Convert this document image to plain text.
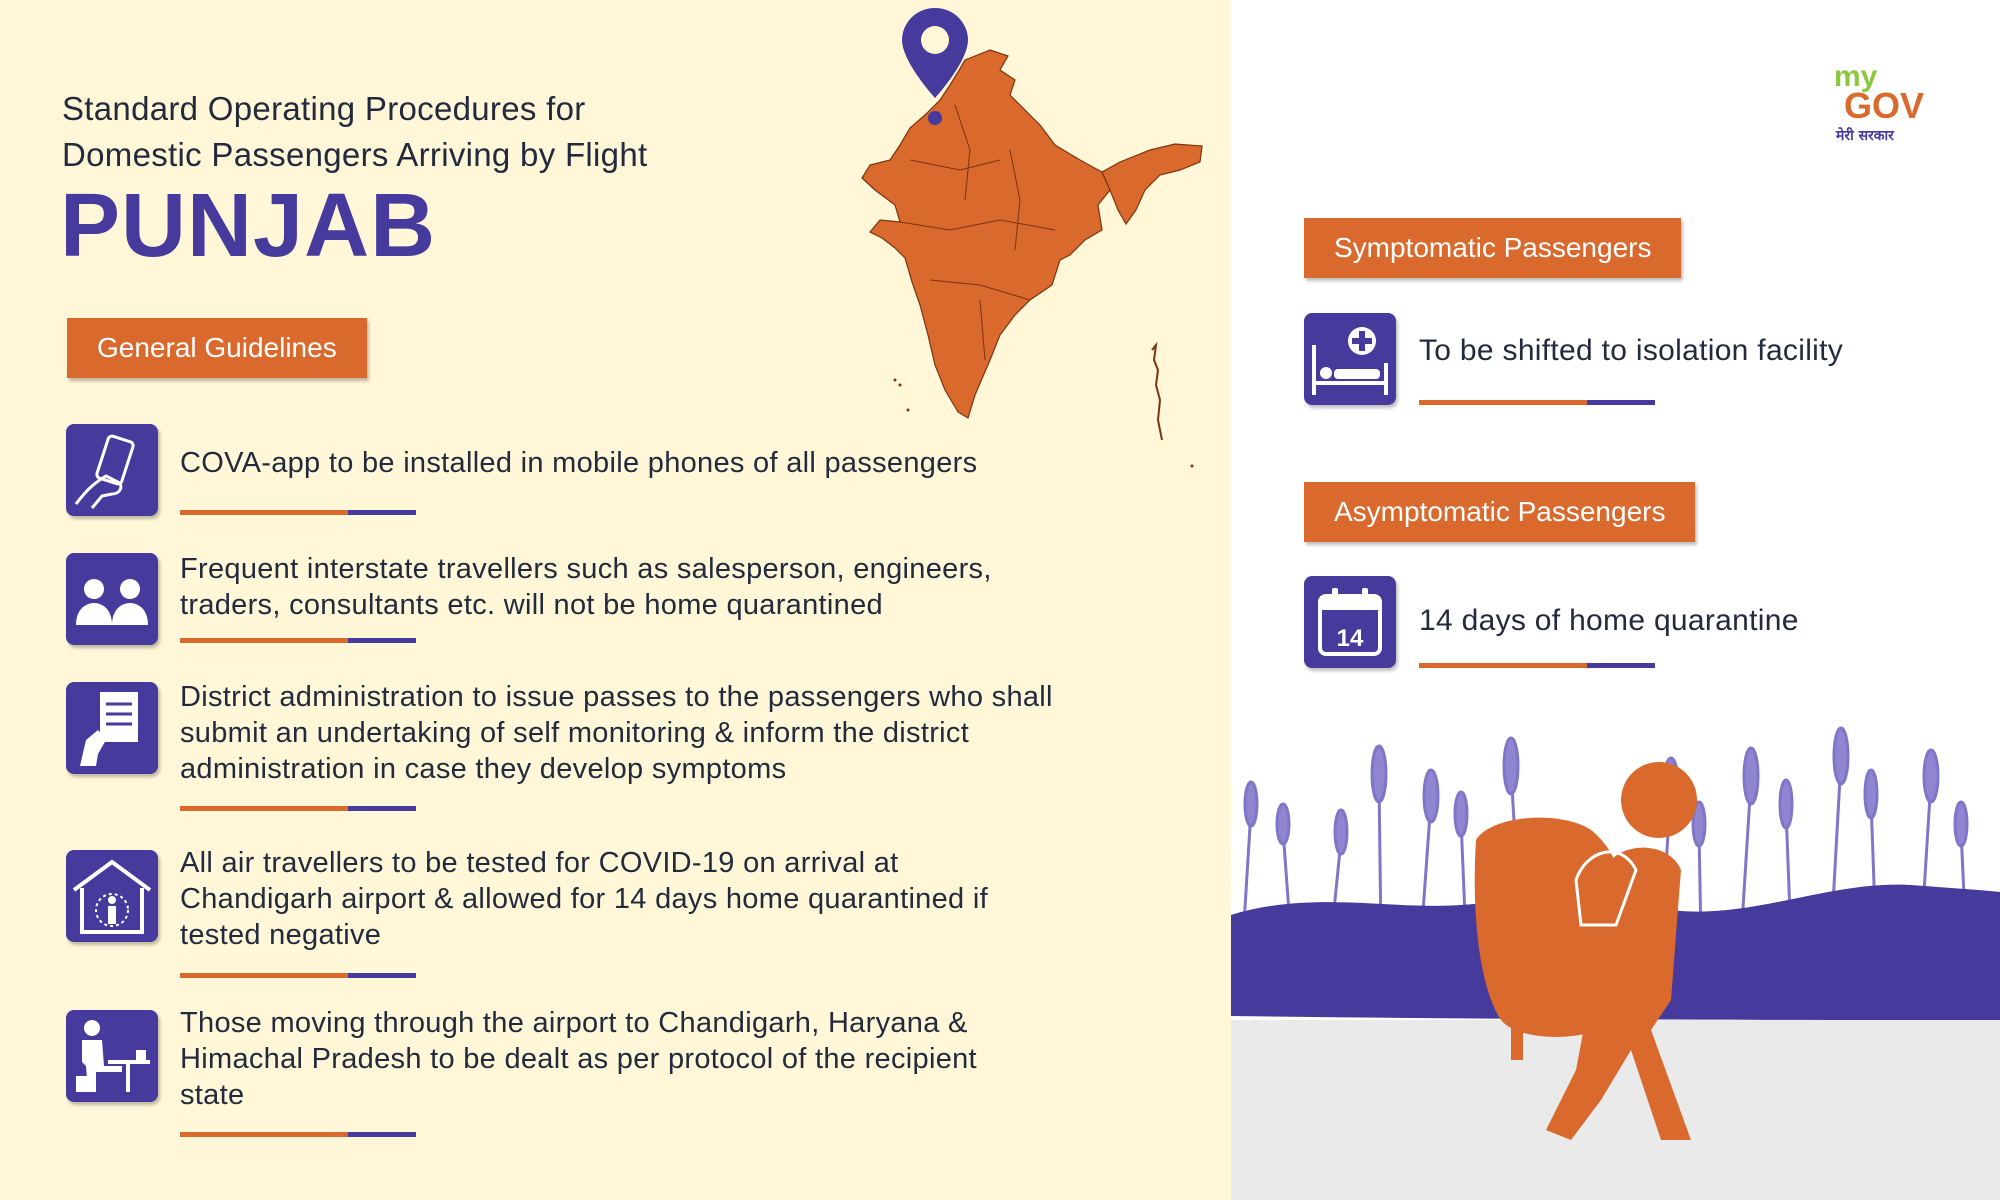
Standard Operating Procedures for
Domestic Passengers Arriving by Flight
PUNJAB
General Guidelines
COVA-app to be installed in mobile phones of all passengers
Frequent interstate travellers such as salesperson, engineers,
traders, consultants etc. will not be home quarantined
District administration to issue passes to the passengers who shall
submit an undertaking of self monitoring & inform the district
administration in case they develop symptoms
All air travellers to be tested for COVID-19 on arrival at
Chandigarh airport & allowed for 14 days home quarantined if
tested negative
Those moving through the airport to Chandigarh, Haryana &
Himachal Pradesh to be dealt as per protocol of the recipient
state
my
GOV
मेरी सरकार
Symptomatic Passengers
To be shifted to isolation facility
Asymptomatic Passengers
14
14 days of home quarantine
